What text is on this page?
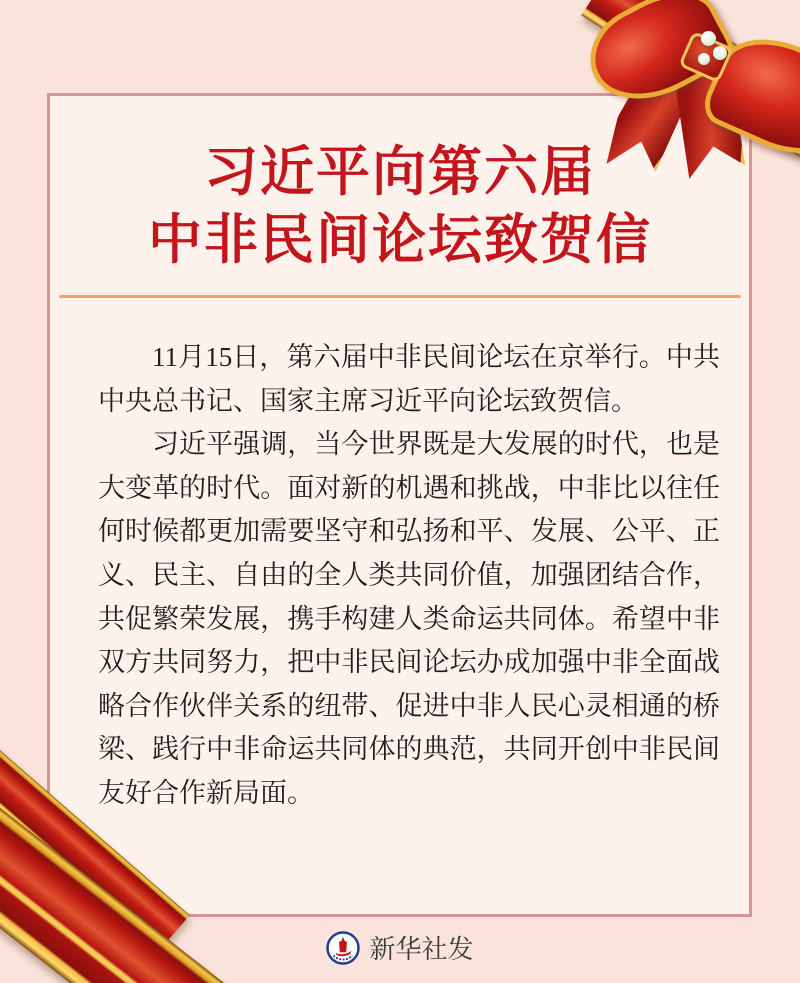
习近平向第六届
中非民间论坛致贺信
11月15日，第六届中非民间论坛在京举行。中共
中央总书记、国家主席习近平向论坛致贺信。
习近平强调，当今世界既是大发展的时代，也是
大变革的时代。面对新的机遇和挑战，中非比以往任
何时候都更加需要坚守和弘扬和平、发展、公平、正
义、民主、自由的全人类共同价值，加强团结合作，
共促繁荣发展，携手构建人类命运共同体。希望中非
双方共同努力，把中非民间论坛办成加强中非全面战
略合作伙伴关系的纽带、促进中非人民心灵相通的桥
梁、践行中非命运共同体的典范，共同开创中非民间
友好合作新局面。
新华社发
